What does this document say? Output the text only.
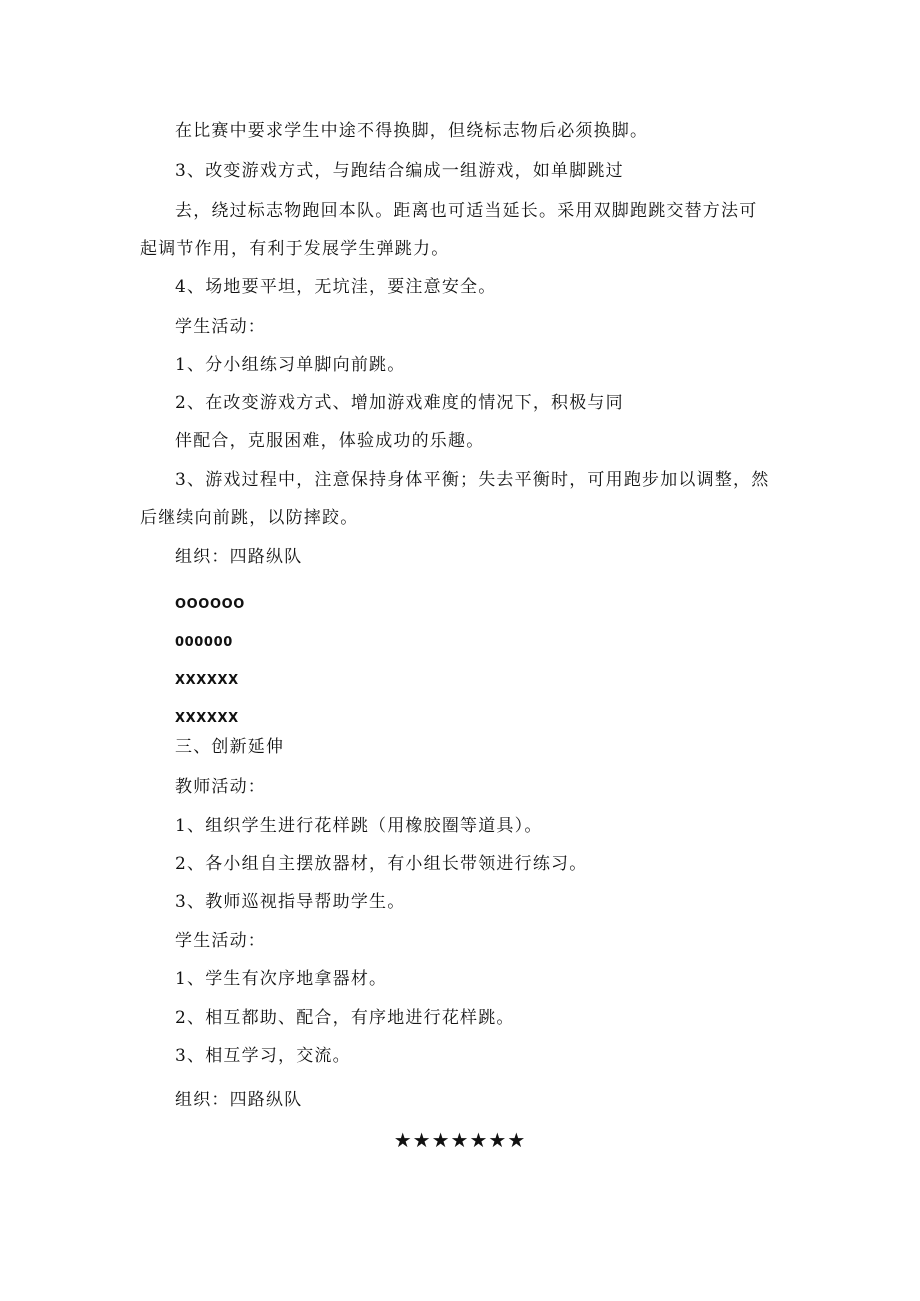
在比赛中要求学生中途不得换脚，但绕标志物后必须换脚。
3、改变游戏方式，与跑结合编成一组游戏，如单脚跳过
去，绕过标志物跑回本队。距离也可适当延长。采用双脚跑跳交替方法可
起调节作用，有利于发展学生弹跳力。
4、场地要平坦，无坑洼，要注意安全。
学生活动：
1、分小组练习单脚向前跳。
2、在改变游戏方式、增加游戏难度的情况下，积极与同
伴配合，克服困难，体验成功的乐趣。
3、游戏过程中，注意保持身体平衡；失去平衡时，可用跑步加以调整，然
后继续向前跳，以防摔跤。
组织：四路纵队
OOOOOO
000000
XXXXXX
XXXXXX
三、创新延伸
教师活动：
1、组织学生进行花样跳（用橡胶圈等道具）。
2、各小组自主摆放器材，有小组长带领进行练习。
3、教师巡视指导帮助学生。
学生活动：
1、学生有次序地拿器材。
2、相互都助、配合，有序地进行花样跳。
3、相互学习，交流。
组织：四路纵队
★★★★★★★
